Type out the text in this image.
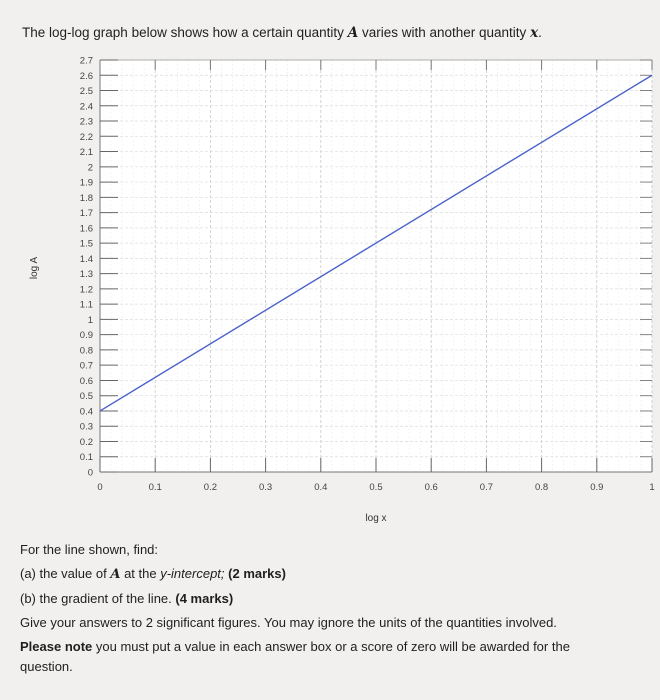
The log-log graph below shows how a certain quantity A varies with another quantity x.

0
0.1
0.2
0.3
0.4
0.5
0.6
0.7
0.8
0.9
1
1.1
1.2
1.3
1.4
1.5
1.6
1.7
1.8
1.9
2
2.1
2.2
2.3
2.4
2.5
2.6
2.7
0	0.1	0.2	0.3	0.4	0.5	0.6	0.7	0.8	0.9	1
log x
log A

For the line shown, find:

(a) the value of A at the y-intercept; (2 marks)

(b) the gradient of the line. (4 marks)

Give your answers to 2 significant figures. You may ignore the units of the quantities involved.

Please note you must put a value in each answer box or a score of zero will be awarded for the question.
